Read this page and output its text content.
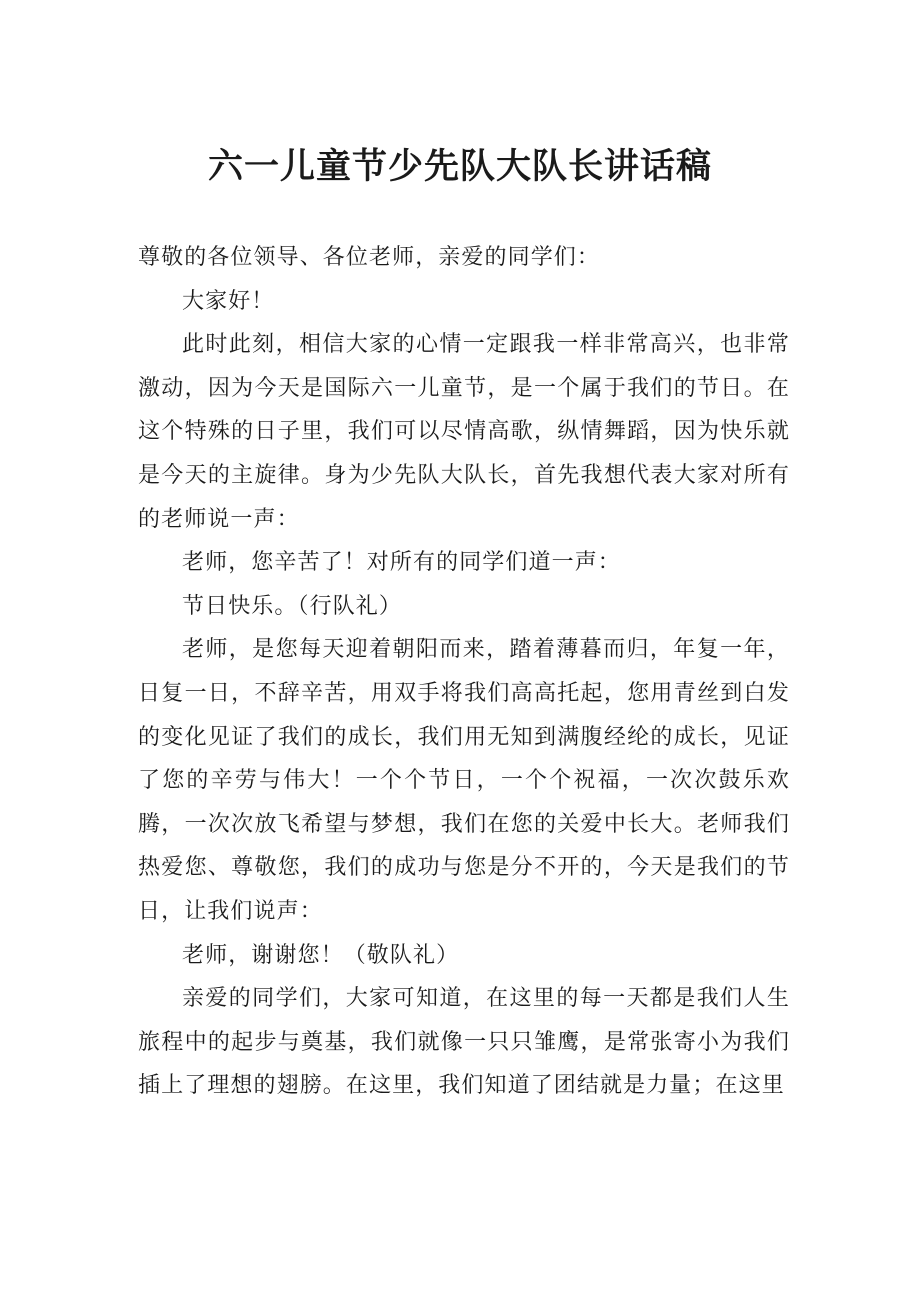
六一儿童节少先队大队长讲话稿

尊敬的各位领导、各位老师，亲爱的同学们：

大家好！

此时此刻，相信大家的心情一定跟我一样非常高兴，也非常激动，因为今天是国际六一儿童节，是一个属于我们的节日。在这个特殊的日子里，我们可以尽情高歌，纵情舞蹈，因为快乐就是今天的主旋律。身为少先队大队长，首先我想代表大家对所有的老师说一声：

老师，您辛苦了！对所有的同学们道一声：

节日快乐。（行队礼）

老师，是您每天迎着朝阳而来，踏着薄暮而归，年复一年，日复一日，不辞辛苦，用双手将我们高高托起，您用青丝到白发的变化见证了我们的成长，我们用无知到满腹经纶的成长，见证了您的辛劳与伟大！一个个节日，一个个祝福，一次次鼓乐欢腾，一次次放飞希望与梦想，我们在您的关爱中长大。老师我们热爱您、尊敬您，我们的成功与您是分不开的，今天是我们的节日，让我们说声：

老师，谢谢您！（敬队礼）

亲爱的同学们，大家可知道，在这里的每一天都是我们人生旅程中的起步与奠基，我们就像一只只雏鹰，是常张寄小为我们插上了理想的翅膀。在这里，我们知道了团结就是力量；在这里
